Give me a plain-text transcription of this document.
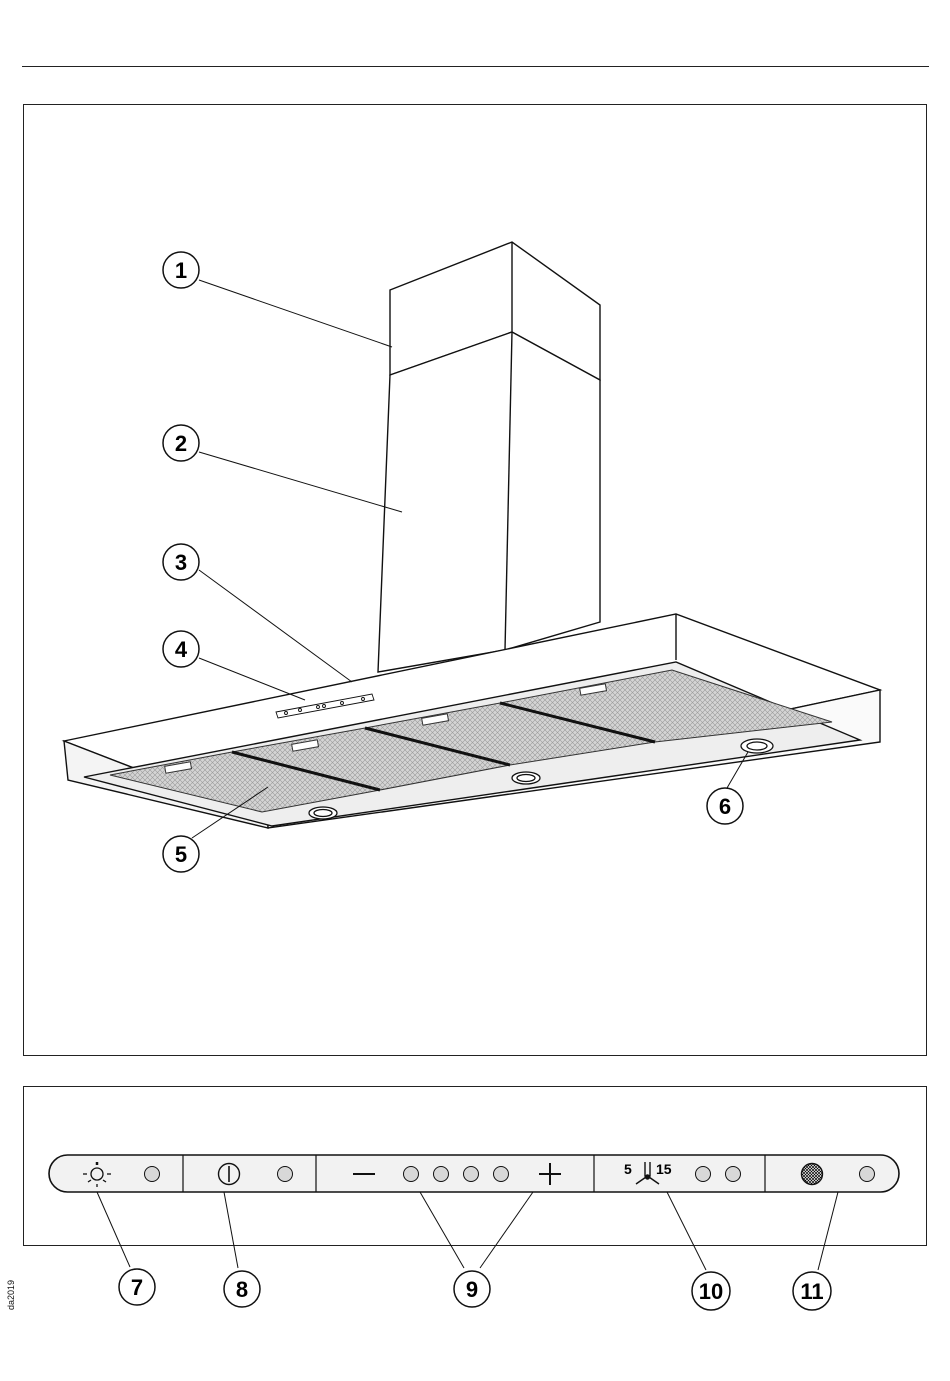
1
2
3
4
5
6
5 15
7	8	9	10	11
da2019
